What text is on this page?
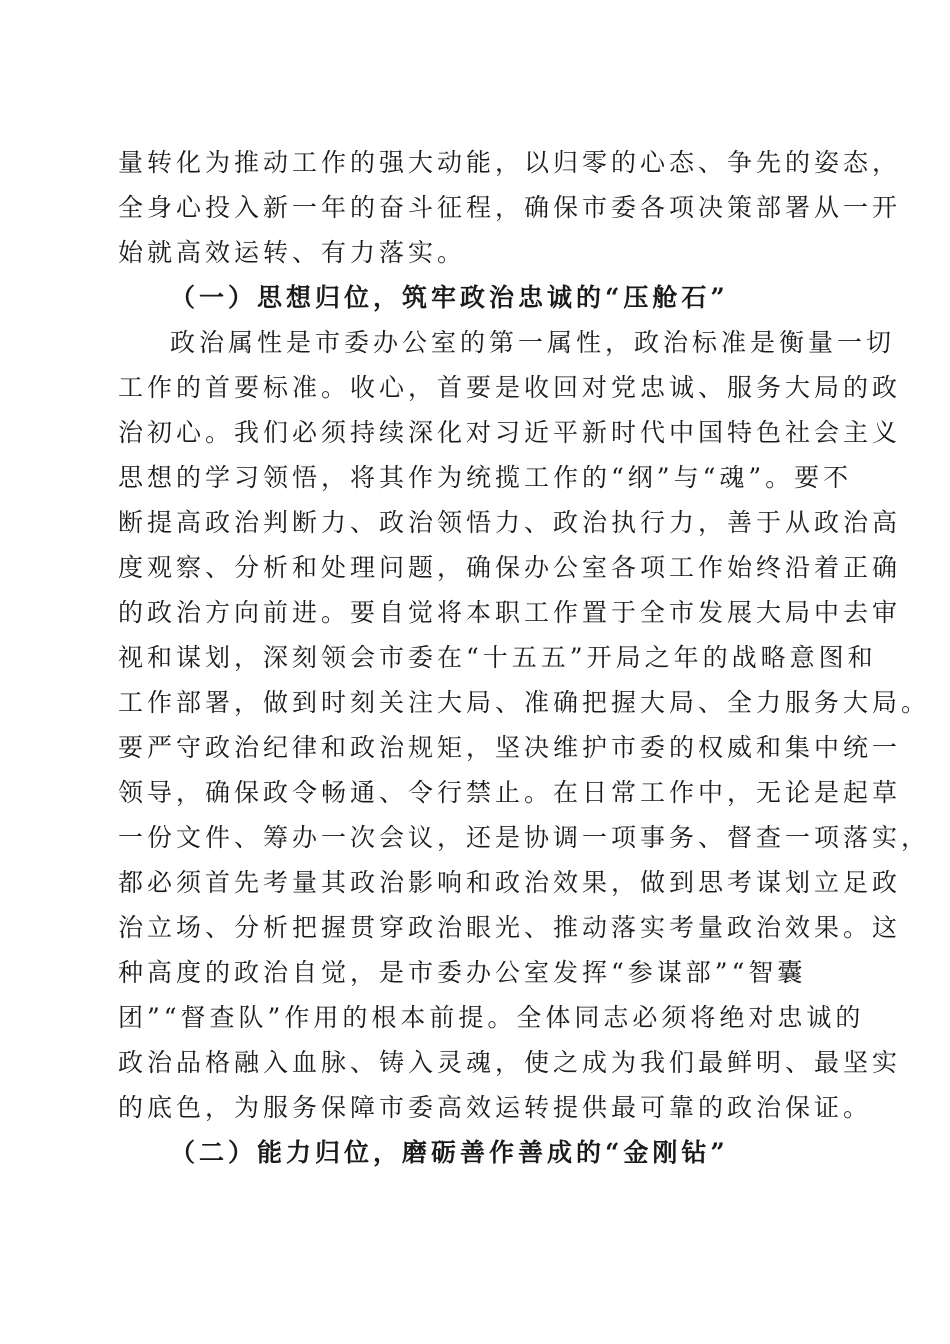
量转化为推动工作的强大动能，以归零的心态、争先的姿态，
全身心投入新一年的奋斗征程，确保市委各项决策部署从一开
始就高效运转、有力落实。
（一）思想归位，筑牢政治忠诚的“压舱石”
政治属性是市委办公室的第一属性，政治标准是衡量一切
工作的首要标准。收心，首要是收回对党忠诚、服务大局的政
治初心。我们必须持续深化对习近平新时代中国特色社会主义
思想的学习领悟，将其作为统揽工作的“纲”与“魂”。要不
断提高政治判断力、政治领悟力、政治执行力，善于从政治高
度观察、分析和处理问题，确保办公室各项工作始终沿着正确
的政治方向前进。要自觉将本职工作置于全市发展大局中去审
视和谋划，深刻领会市委在“十五五”开局之年的战略意图和
工作部署，做到时刻关注大局、准确把握大局、全力服务大局。
要严守政治纪律和政治规矩，坚决维护市委的权威和集中统一
领导，确保政令畅通、令行禁止。在日常工作中，无论是起草
一份文件、筹办一次会议，还是协调一项事务、督查一项落实，
都必须首先考量其政治影响和政治效果，做到思考谋划立足政
治立场、分析把握贯穿政治眼光、推动落实考量政治效果。这
种高度的政治自觉，是市委办公室发挥“参谋部”“智囊
团”“督查队”作用的根本前提。全体同志必须将绝对忠诚的
政治品格融入血脉、铸入灵魂，使之成为我们最鲜明、最坚实
的底色，为服务保障市委高效运转提供最可靠的政治保证。
（二）能力归位，磨砺善作善成的“金刚钻”
